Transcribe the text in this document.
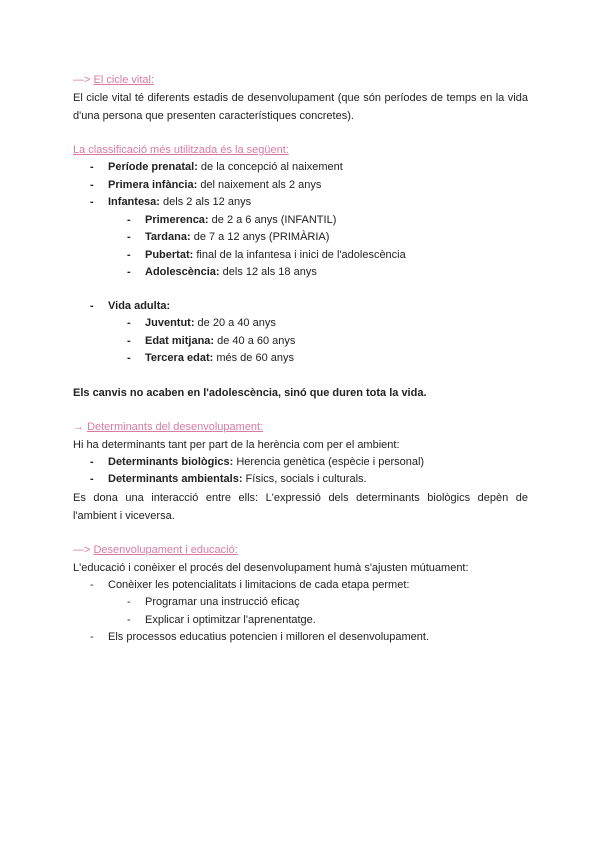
—> El cicle vital:
El cicle vital té diferents estadis de desenvolupament (que són períodes de temps en la vida
d'una persona que presenten característiques concretes).
La classificació més utilitzada és la següent:
- Període prenatal: de la concepció al naixement
- Primera infància: del naixement als 2 anys
- Infantesa: dels 2 als 12 anys
- Primerenca: de 2 a 6 anys (INFANTIL)
- Tardana: de 7 a 12 anys (PRIMÀRIA)
- Pubertat: final de la infantesa i inici de l'adolescència
- Adolescència: dels 12 als 18 anys
- Vida adulta:
- Juventut: de 20 a 40 anys
- Edat mitjana: de 40 a 60 anys
- Tercera edat: més de 60 anys
Els canvis no acaben en l'adolescència, sinó que duren tota la vida.
→ Determinants del desenvolupament:
Hi ha determinants tant per part de la herència com per el ambient:
- Determinants biològics: Herencia genètica (espècie i personal)
- Determinants ambientals: Físics, socials i culturals.
Es dona una interacció entre ells: L'expressió dels determinants biològics depèn de
l'ambient i viceversa.
—> Desenvolupament i educació:
L'educació i conèixer el procés del desenvolupament humà s'ajusten mútuament:
- Conèixer les potencialitats i limitacions de cada etapa permet:
- Programar una instrucció eficaç
- Explicar i optimitzar l'aprenentatge.
- Els processos educatius potencien i milloren el desenvolupament.
